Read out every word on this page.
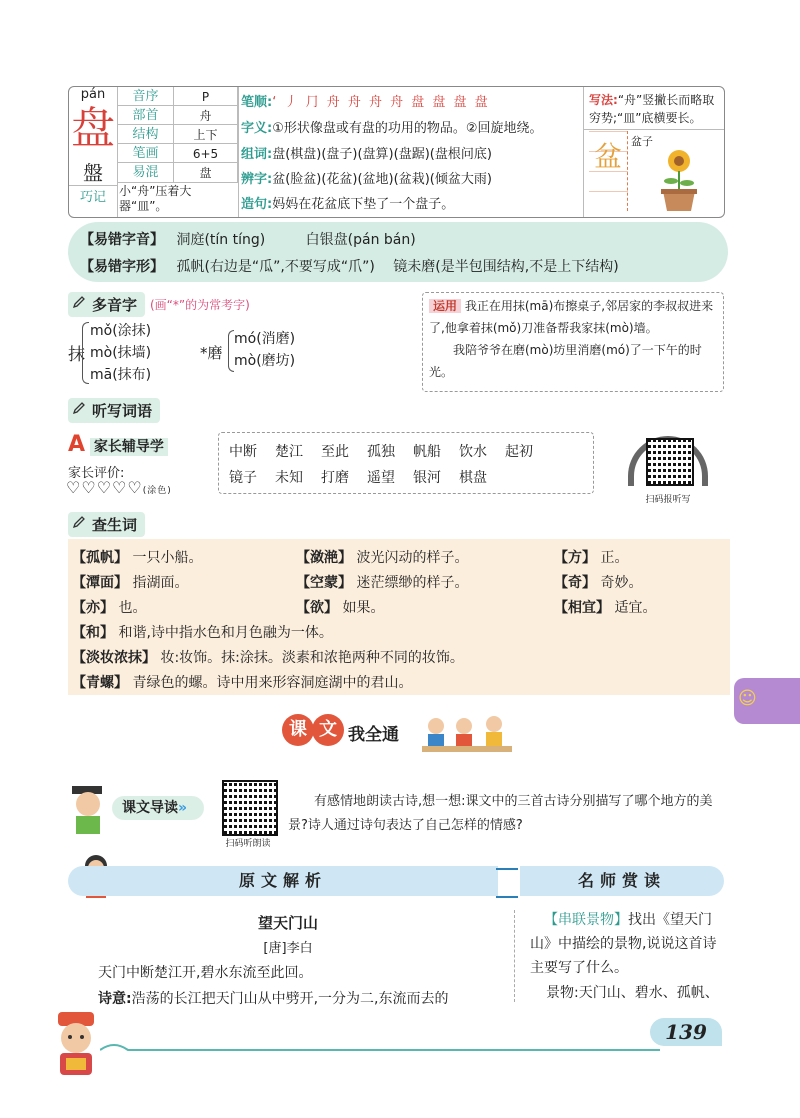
pán
盘
盤
巧记
音序	P
部首	舟
结构	上下
笔画	6+5
易混	盘
小“舟”压着大器“皿”。
笔顺:‘ 丿 ⺆ 舟 舟 舟 舟 盘 盘 盘 盘
字义:①形状像盘或有盘的功用的物品。②回旋地绕。
组词:盘(棋盘)(盘子)(盘算)(盘踞)(盘根问底)
辨字:盆(脸盆)(花盆)(盆地)(盆栽)(倾盆大雨)
造句:妈妈在花盆底下垫了一个盘子。
写法:“舟”竖撇长而略取穷势;“皿”底横要长。
盆 盆子
【易错字音】 洞庭(tín tíng)	白银盘(pán bán)
【易错字形】 孤帆(右边是“瓜”,不要写成“爪”) 镜未磨(是半包围结构,不是上下结构)
多音字	(画“*”的为常考字)
抹
mǒ(涂抹)
mò(抹墙)
mā(抹布)
*磨
mó(消磨)
mò(磨坊)
运用 我正在用抹(mā)布擦桌子,邻居家的李叔叔进来了,他拿着抹(mǒ)刀准备帮我家抹(mò)墙。
我陪爷爷在磨(mò)坊里消磨(mó)了一下午的时光。
听写词语
A 家长辅导学
家长评价:
♡♡♡♡♡(涂色)
中断 楚江 至此 孤独 帆船 饮水 起初
镜子 未知 打磨 遥望 银河 棋盘
扫码报听写
查生词
【孤帆】 一只小船。	【潋滟】 波光闪动的样子。	【方】 正。
【潭面】 指湖面。	【空蒙】 迷茫缥缈的样子。	【奇】 奇妙。
【亦】 也。	【欲】 如果。	【相宜】 适宜。
【和】 和谐,诗中指水色和月色融为一体。
【淡妆浓抹】 妆:妆饰。抹:涂抹。淡素和浓艳两种不同的妆饰。
【青螺】 青绿色的螺。诗中用来形容洞庭湖中的君山。
☺
课 文 我全通
课文导读»
扫码听朗读
有感情地朗读古诗,想一想:课文中的三首古诗分别描写了哪个地方的美景?诗人通过诗句表达了自己怎样的情感?
原文解析	名师赏读
望天门山
[唐]李白
天门中断楚江开,碧水东流至此回。
诗意:浩荡的长江把天门山从中劈开,一分为二,东流而去的
【串联景物】找出《望天门山》中描绘的景物,说说这首诗主要写了什么。
景物:天门山、碧水、孤帆、
139
